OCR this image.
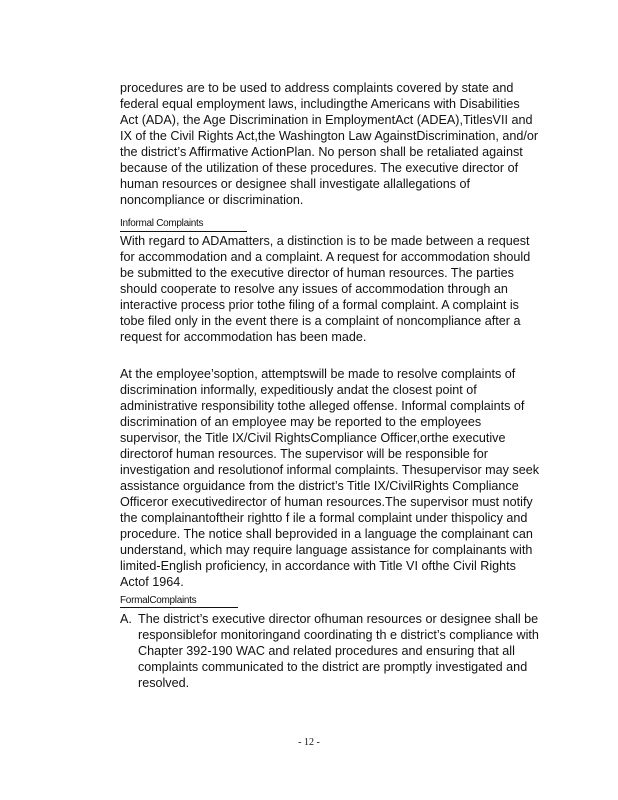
procedures are to be used to address complaints covered by state and federal equal employment laws, includingthe Americans with Disabilities Act (ADA), the Age Discrimination in EmploymentAct (ADEA),TitlesVII and IX of the Civil Rights Act,the Washington Law AgainstDiscrimination, and/or the district’s Affirmative ActionPlan. No person shall be retaliated against because of the utilization of these procedures. The executive director of human resources or designee shall investigate allallegations of noncompliance or discrimination.

Informal Complaints

With regard to ADAmatters, a distinction is to be made between a request for accommodation and a complaint. A request for accommodation should be submitted to the executive director of human resources. The parties should cooperate to resolve any issues of accommodation through an interactive process prior tothe filing of a formal complaint. A complaint is tobe filed only in the event there is a complaint of noncompliance after a request for accommodation has been made.

At the employee’soption, attemptswill be made to resolve complaints of discrimination informally, expeditiously andat the closest point of administrative responsibility tothe alleged offense. Informal complaints of discrimination of an employee may be reported to the employees supervisor, the Title IX/Civil RightsCompliance Officer,orthe executive directorof human resources. The supervisor will be responsible for investigation and resolutionof informal complaints. Thesupervisor may seek assistance orguidance from the district’s Title IX/CivilRights Compliance Officeror executivedirector of human resources.The supervisor must notify the complainantoftheir rightto f ile a formal complaint under thispolicy and procedure. The notice shall beprovided in a language the complainant can understand, which may require language assistance for complainants with limited-English proficiency, in accordance with Title VI ofthe Civil Rights Actof 1964.

FormalComplaints
A. The district’s executive director ofhuman resources or designee shall be responsiblefor monitoringand coordinating th e district’s compliance with Chapter 392-190 WAC and related procedures and ensuring that all complaints communicated to the district are promptly investigated and resolved.
- 12 -
